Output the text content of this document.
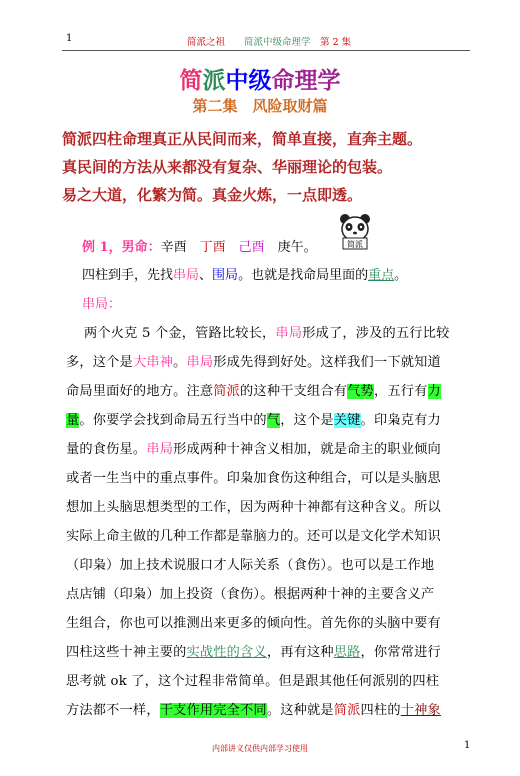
1	简派之祖　　 简派中级命理学　 第 2 集
简派中级命理学
第二集　风险取财篇
简派四柱命理真正从民间而来，简单直接，直奔主题。
真民间的方法从来都没有复杂、华丽理论的包装。
易之大道，化繁为简。真金火炼，一点即透。
例 1，男命：辛酉　 丁酉　 己酉　 庚午。	简派
四柱到手，先找串局、围局。也就是找命局里面的重点。
串局：
两个火克 5 个金，管路比较长，串局形成了，涉及的五行比较
多，这个是大串神。串局形成先得到好处。这样我们一下就知道
命局里面好的地方。注意简派的这种干支组合有气势，五行有力
量。你要学会找到命局五行当中的气，这个是关键。印枭克有力
量的食伤星。串局形成两种十神含义相加，就是命主的职业倾向
或者一生当中的重点事件。印枭加食伤这种组合，可以是头脑思
想加上头脑思想类型的工作，因为两种十神都有这种含义。所以
实际上命主做的几种工作都是靠脑力的。还可以是文化学术知识
（印枭）加上技术说服口才人际关系（食伤）。也可以是工作地
点店铺（印枭）加上投资（食伤）。根据两种十神的主要含义产
生组合，你也可以推测出来更多的倾向性。首先你的头脑中要有
四柱这些十神主要的实战性的含义，再有这种思路，你常常进行
思考就 ok 了，这个过程非常简单。但是跟其他任何派别的四柱
方法都不一样，干支作用完全不同。这种就是简派四柱的十神象
内部讲义仅供内部学习使用	1
